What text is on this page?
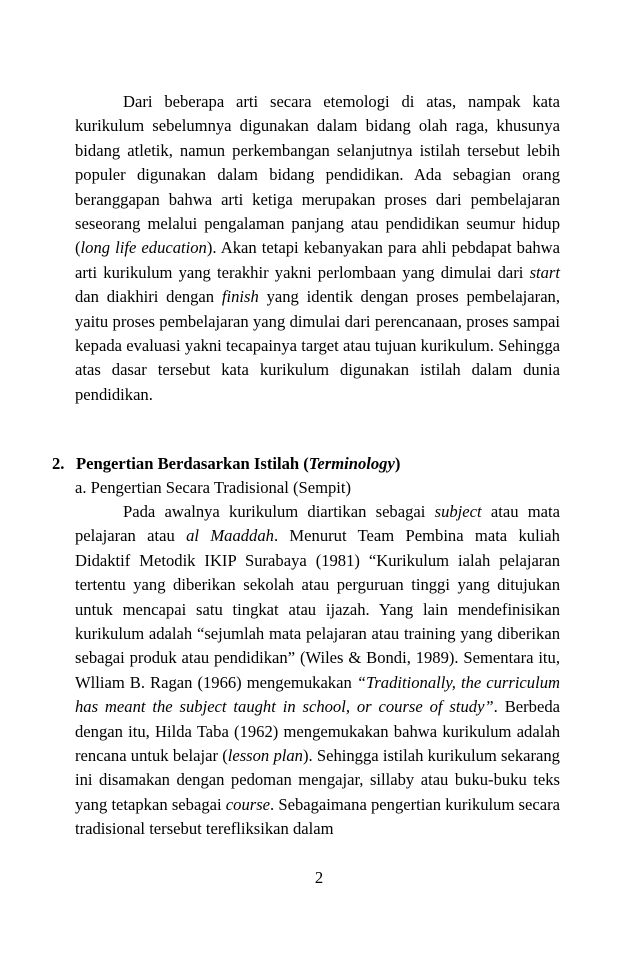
Dari beberapa arti secara etemologi di atas, nampak kata kurikulum sebelumnya digunakan dalam bidang olah raga, khusunya bidang atletik, namun perkembangan selanjutnya istilah tersebut lebih populer digunakan dalam bidang pendidikan. Ada sebagian orang beranggapan bahwa arti ketiga merupakan proses dari pembelajaran seseorang melalui pengalaman panjang atau pendidikan seumur hidup (long life education). Akan tetapi kebanyakan para ahli pebdapat bahwa arti kurikulum yang terakhir yakni perlombaan yang dimulai dari start dan diakhiri dengan finish yang identik dengan proses pembelajaran, yaitu proses pembelajaran yang dimulai dari perencanaan, proses sampai kepada evaluasi yakni tecapainya target atau tujuan kurikulum. Sehingga atas dasar tersebut kata kurikulum digunakan istilah dalam dunia pendidikan.

2. Pengertian Berdasarkan Istilah (Terminology)

a. Pengertian Secara Tradisional (Sempit)

Pada awalnya kurikulum diartikan sebagai subject atau mata pelajaran atau al Maaddah. Menurut Team Pembina mata kuliah Didaktif Metodik IKIP Surabaya (1981) “Kurikulum ialah pelajaran tertentu yang diberikan sekolah atau perguruan tinggi yang ditujukan untuk mencapai satu tingkat atau ijazah. Yang lain mendefinisikan kurikulum adalah “sejumlah mata pelajaran atau training yang diberikan sebagai produk atau pendidikan” (Wiles & Bondi, 1989). Sementara itu, Wlliam B. Ragan (1966) mengemukakan “Traditionally, the curriculum has meant the subject taught in school, or course of study”. Berbeda dengan itu, Hilda Taba (1962) mengemukakan bahwa kurikulum adalah rencana untuk belajar (lesson plan). Sehingga istilah kurikulum sekarang ini disamakan dengan pedoman mengajar, sillaby atau buku-buku teks yang tetapkan sebagai course. Sebagaimana pengertian kurikulum secara tradisional tersebut terefliksikan dalam

2
